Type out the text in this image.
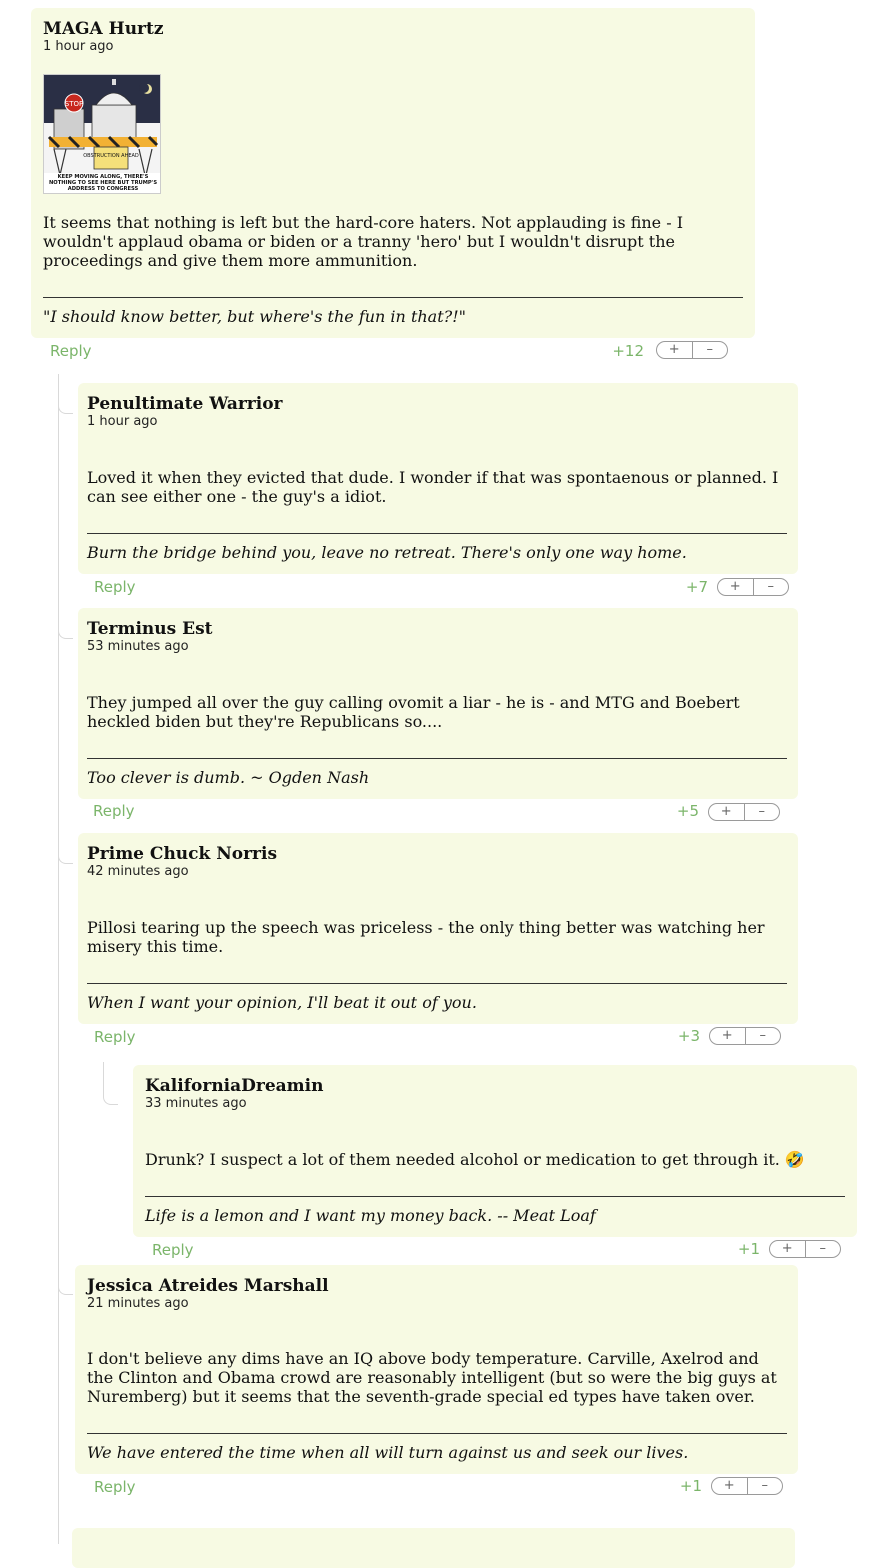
MAGA Hurtz
1 hour ago
STOP
OBSTRUCTION AHEAD
KEEP MOVING ALONG, THERE'S NOTHING TO SEE HERE BUT TRUMP'S ADDRESS TO CONGRESS
It seems that nothing is left but the hard-core haters. Not applauding is fine - I wouldn't applaud obama or biden or a tranny 'hero' but I wouldn't disrupt the proceedings and give them more ammunition.
"I should know better, but where's the fun in that?!"
Reply	+12	+	–
Penultimate Warrior
1 hour ago
Loved it when they evicted that dude. I wonder if that was spontaenous or planned. I can see either one - the guy's a idiot.
Burn the bridge behind you, leave no retreat. There's only one way home.
Reply	+7	+	–
Terminus Est
53 minutes ago
They jumped all over the guy calling ovomit a liar - he is - and MTG and Boebert heckled biden but they're Republicans so....
Too clever is dumb. ~ Ogden Nash
Reply	+5	+	–
Prime Chuck Norris
42 minutes ago
Pillosi tearing up the speech was priceless - the only thing better was watching her misery this time.
When I want your opinion, I'll beat it out of you.
Reply	+3	+	–
KaliforniaDreamin
33 minutes ago
Drunk? I suspect a lot of them needed alcohol or medication to get through it. 🤣
Life is a lemon and I want my money back. -- Meat Loaf
Reply	+1	+	–
Jessica Atreides Marshall
21 minutes ago
I don't believe any dims have an IQ above body temperature. Carville, Axelrod and the Clinton and Obama crowd are reasonably intelligent (but so were the big guys at Nuremberg) but it seems that the seventh-grade special ed types have taken over.
We have entered the time when all will turn against us and seek our lives.
Reply	+1	+	–
